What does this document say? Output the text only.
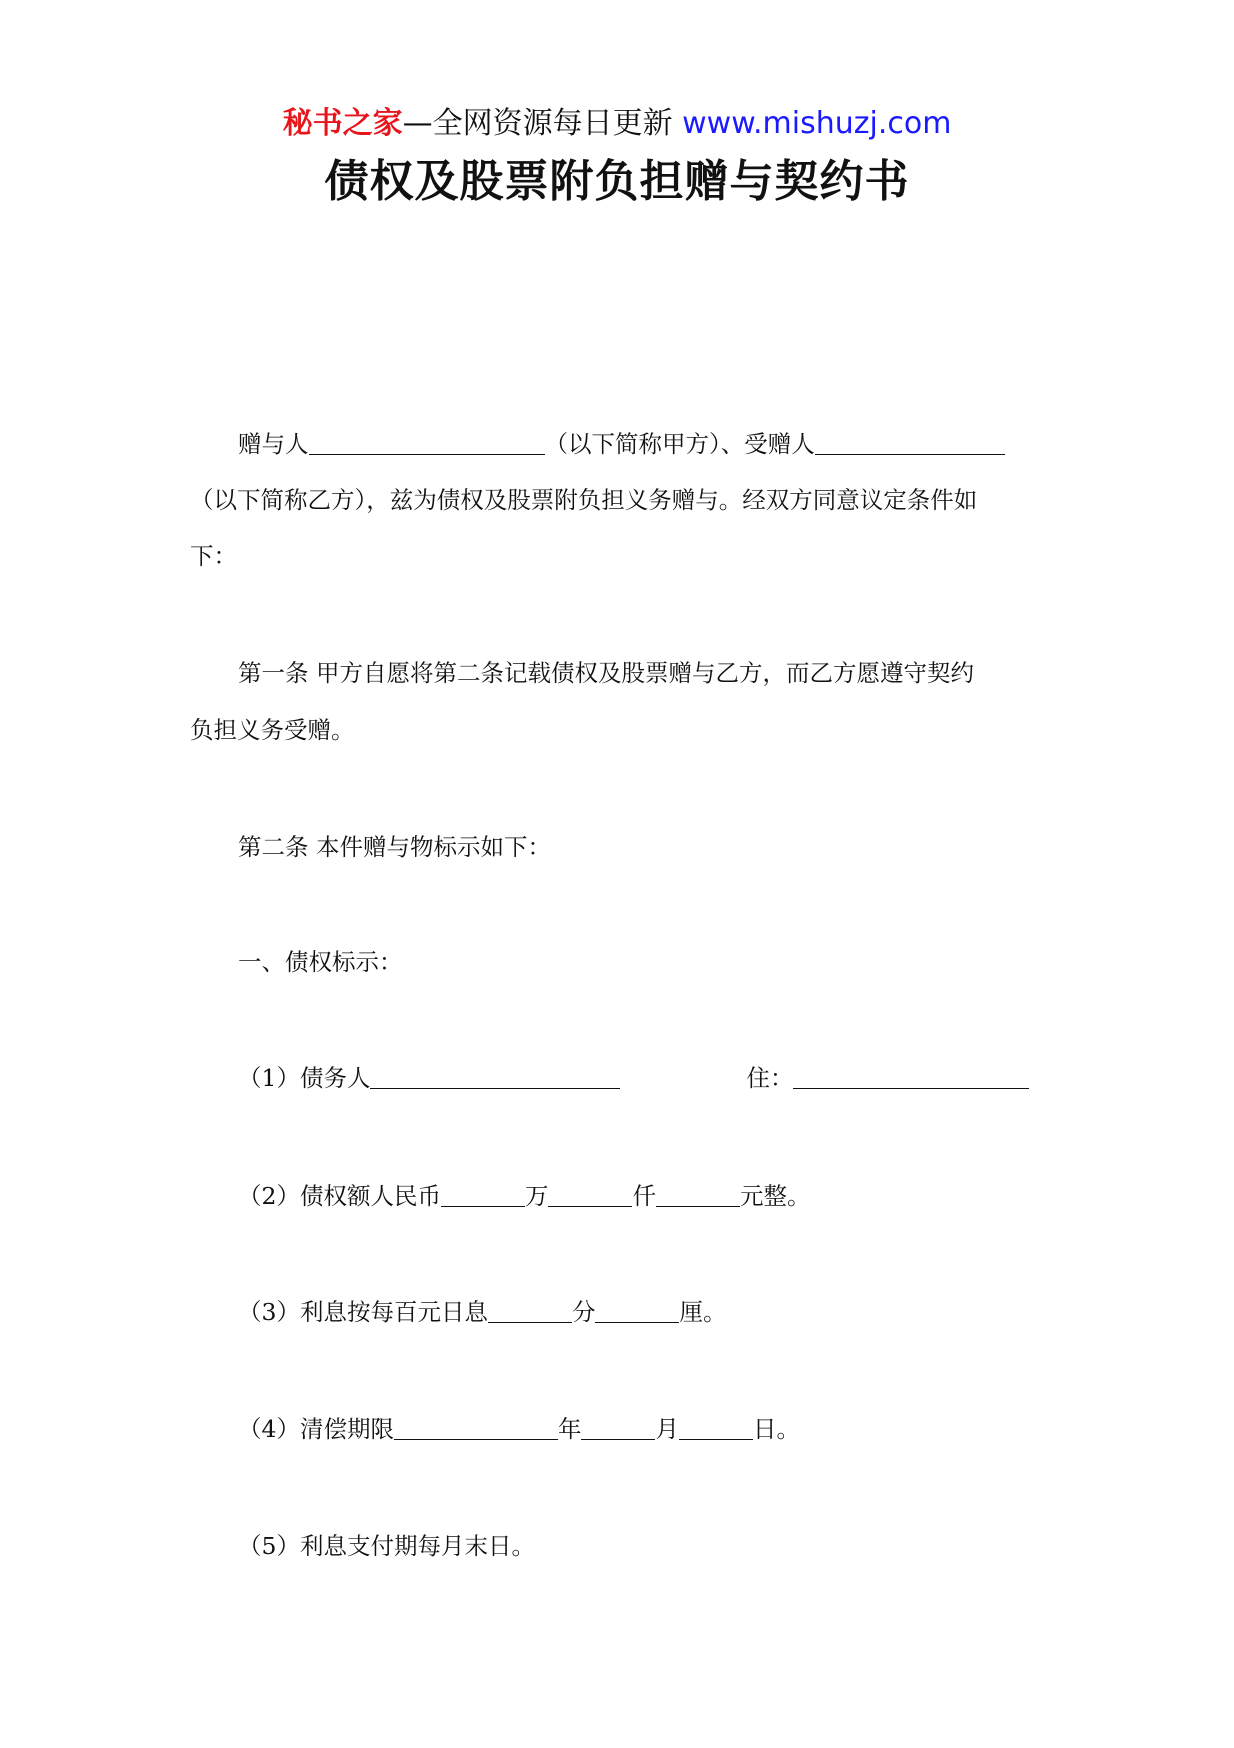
秘书之家—全网资源每日更新 www.mishuzj.com
债权及股票附负担赠与契约书
赠与人	（以下简称甲方）、受赠人
（以下简称乙方），兹为债权及股票附负担义务赠与。经双方同意议定条件如
下：
第一条 甲方自愿将第二条记载债权及股票赠与乙方，而乙方愿遵守契约
负担义务受赠。
第二条 本件赠与物标示如下：
一、债权标示：
（1）债务人	住：
（2）债权额人民币	万	仟	元整。
（3）利息按每百元日息	分	厘。
（4）清偿期限	年	月	日。
（5）利息支付期每月末日。
